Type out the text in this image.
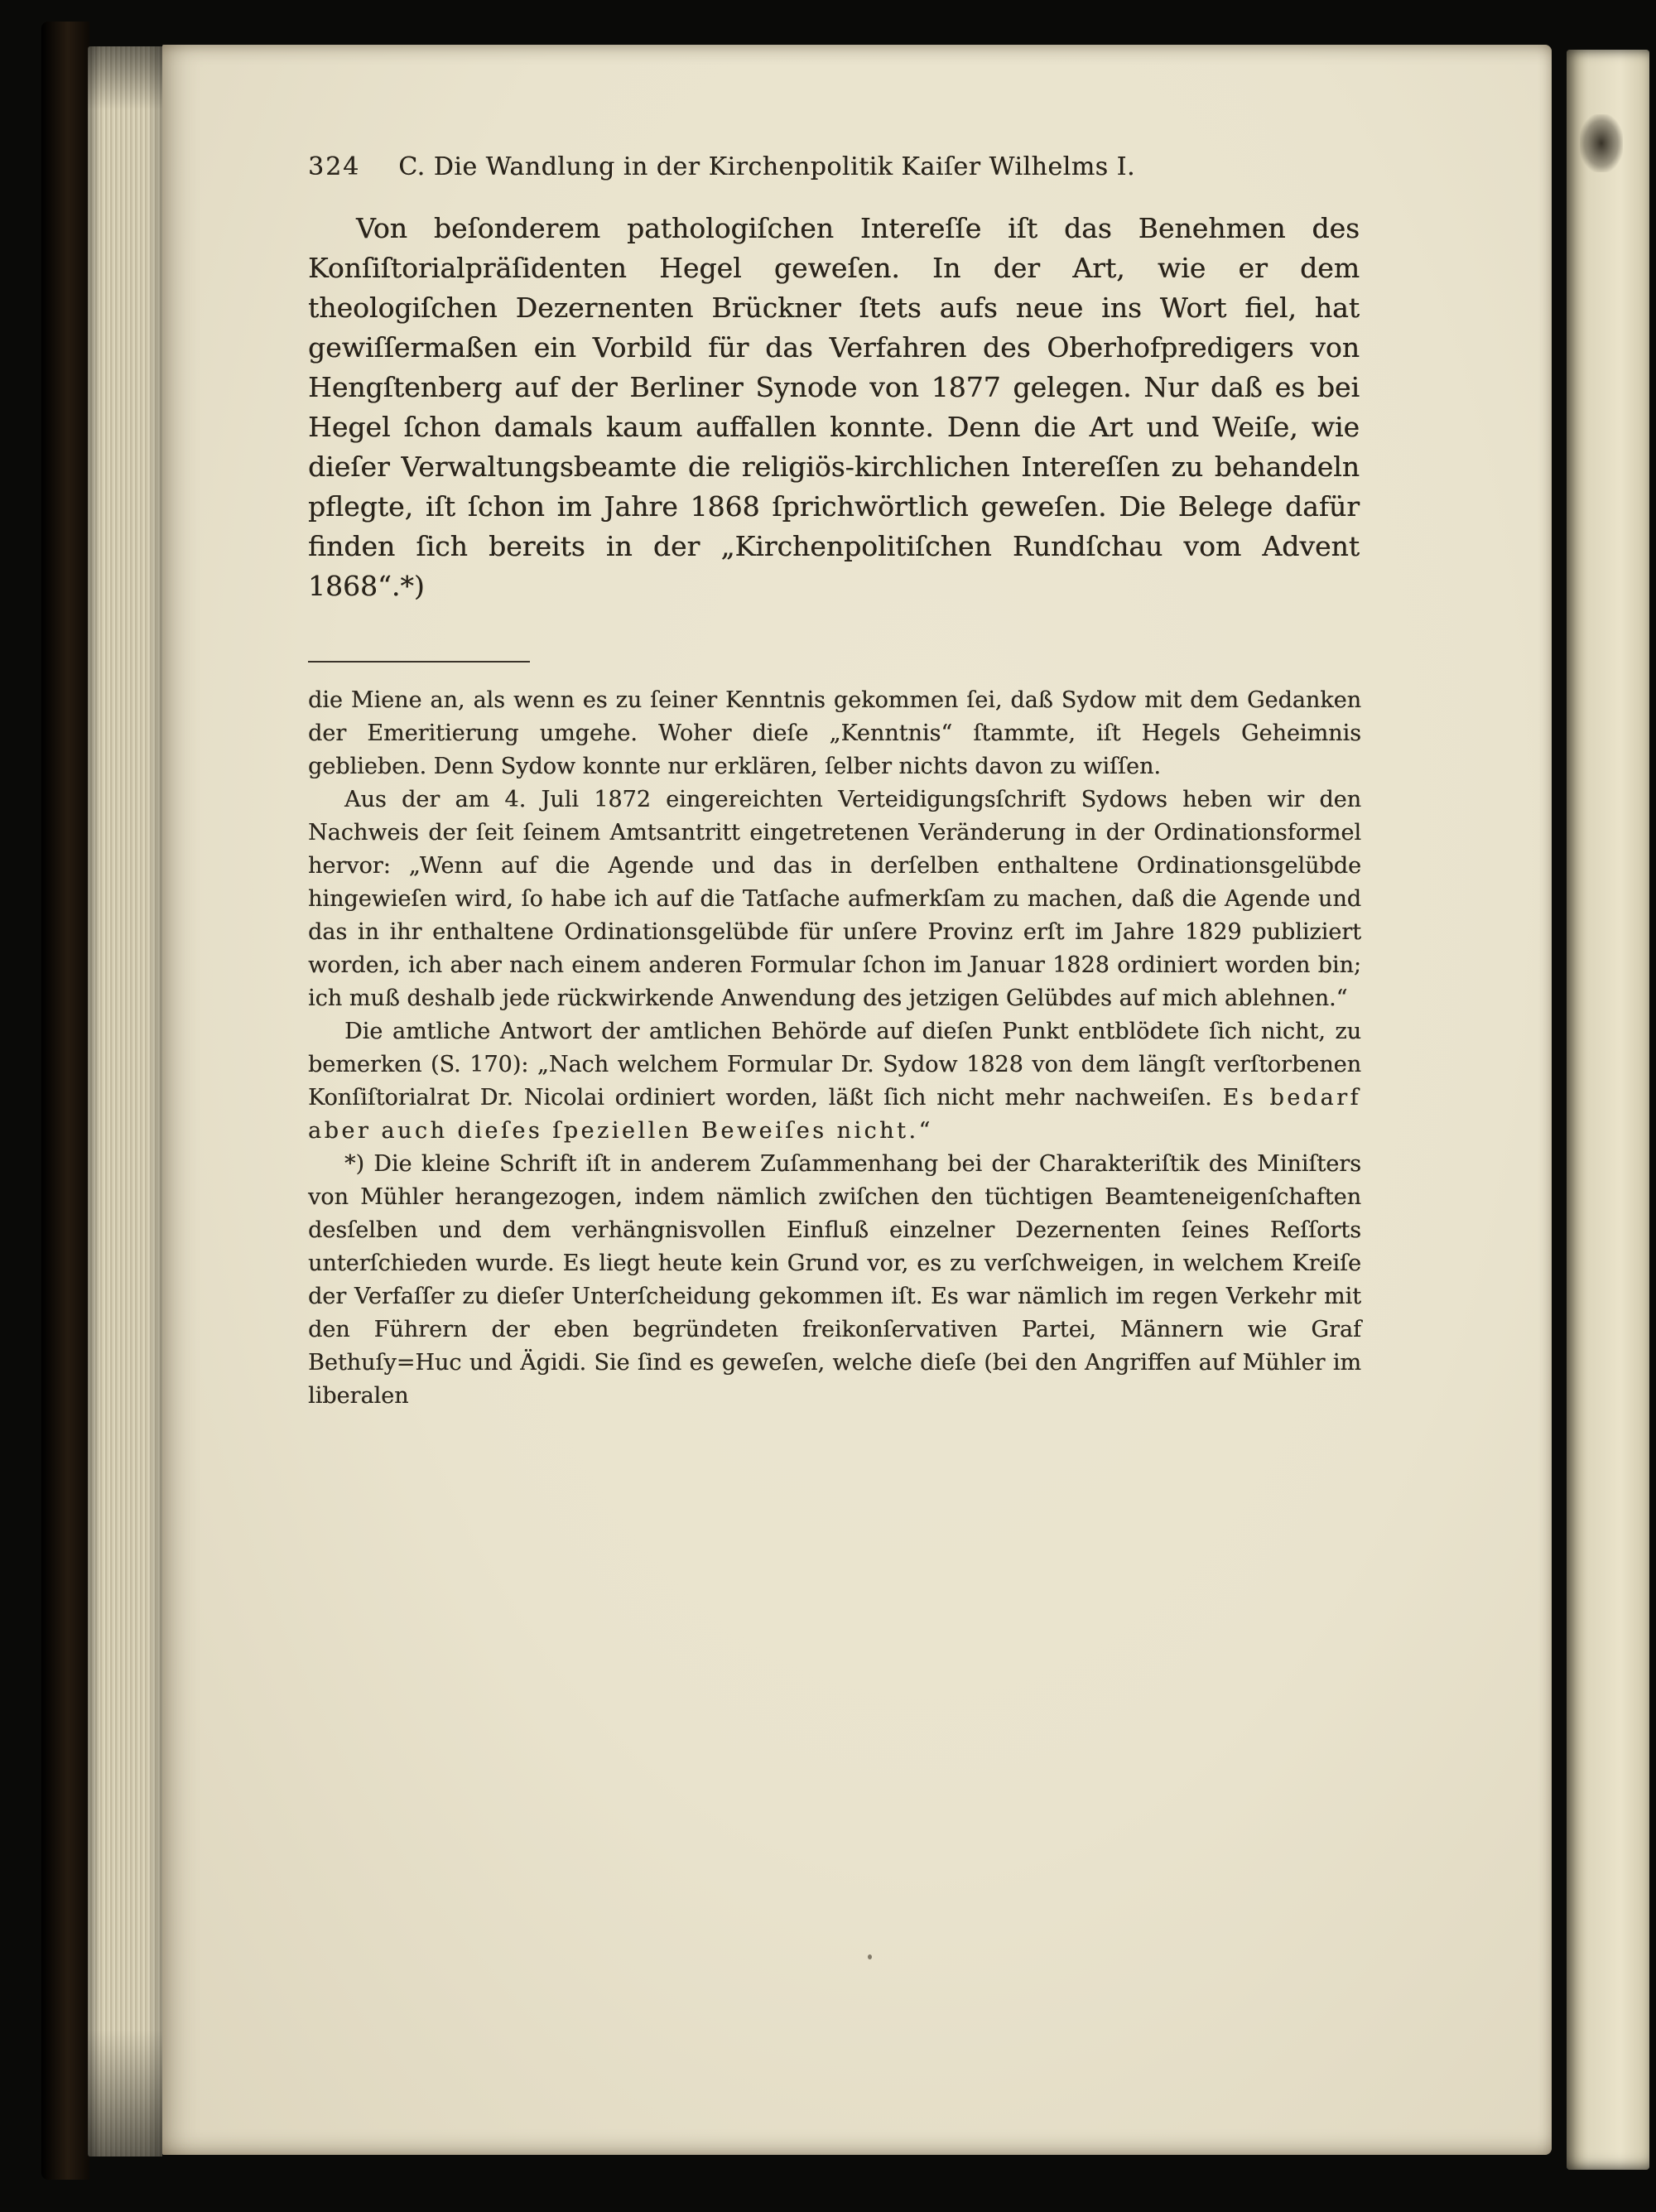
324 C. Die Wandlung in der Kirchenpolitik Kaiſer Wilhelms I.
Von beſonderem pathologiſchen Intereſſe iſt das Benehmen des Konſiſtorialpräſidenten Hegel geweſen. In der Art, wie er dem theologiſchen Dezernenten Brückner ſtets aufs neue ins Wort fiel, hat gewiſſermaßen ein Vorbild für das Verfahren des Oberhofpredigers von Hengſtenberg auf der Berliner Synode von 1877 gelegen. Nur daß es bei Hegel ſchon damals kaum auffallen konnte. Denn die Art und Weiſe, wie dieſer Verwaltungsbeamte die religiös-kirchlichen Intereſſen zu behandeln pflegte, iſt ſchon im Jahre 1868 ſprichwörtlich geweſen. Die Belege dafür finden ſich bereits in der „Kirchenpolitiſchen Rundſchau vom Advent 1868“.*)

die Miene an, als wenn es zu ſeiner Kenntnis gekommen ſei, daß Sydow mit dem Gedanken der Emeritierung umgehe. Woher dieſe „Kenntnis“ ſtammte, iſt Hegels Geheimnis geblieben. Denn Sydow konnte nur erklären, ſelber nichts davon zu wiſſen.

Aus der am 4. Juli 1872 eingereichten Verteidigungsſchrift Sydows heben wir den Nachweis der ſeit ſeinem Amtsantritt eingetretenen Veränderung in der Ordinationsformel hervor: „Wenn auf die Agende und das in derſelben enthaltene Ordinationsgelübde hingewieſen wird, ſo habe ich auf die Tatſache aufmerkſam zu machen, daß die Agende und das in ihr enthaltene Ordinationsgelübde für unſere Provinz erſt im Jahre 1829 publiziert worden, ich aber nach einem anderen Formular ſchon im Januar 1828 ordiniert worden bin; ich muß deshalb jede rückwirkende Anwendung des jetzigen Gelübdes auf mich ablehnen.“

Die amtliche Antwort der amtlichen Behörde auf dieſen Punkt entblödete ſich nicht, zu bemerken (S. 170): „Nach welchem Formular Dr. Sydow 1828 von dem längſt verſtorbenen Konſiſtorialrat Dr. Nicolai ordiniert worden, läßt ſich nicht mehr nachweiſen. Es bedarf aber auch dieſes ſpeziellen Beweiſes nicht.“

*) Die kleine Schrift iſt in anderem Zuſammenhang bei der Charakteriſtik des Miniſters von Mühler herangezogen, indem nämlich zwiſchen den tüchtigen Beamteneigenſchaften desſelben und dem verhängnisvollen Einfluß einzelner Dezernenten ſeines Reſſorts unterſchieden wurde. Es liegt heute kein Grund vor, es zu verſchweigen, in welchem Kreiſe der Verfaſſer zu dieſer Unterſcheidung gekommen iſt. Es war nämlich im regen Verkehr mit den Führern der eben begründeten freikonſervativen Partei, Männern wie Graf Bethuſy=Huc und Ägidi. Sie ſind es geweſen, welche dieſe (bei den Angriffen auf Mühler im liberalen
